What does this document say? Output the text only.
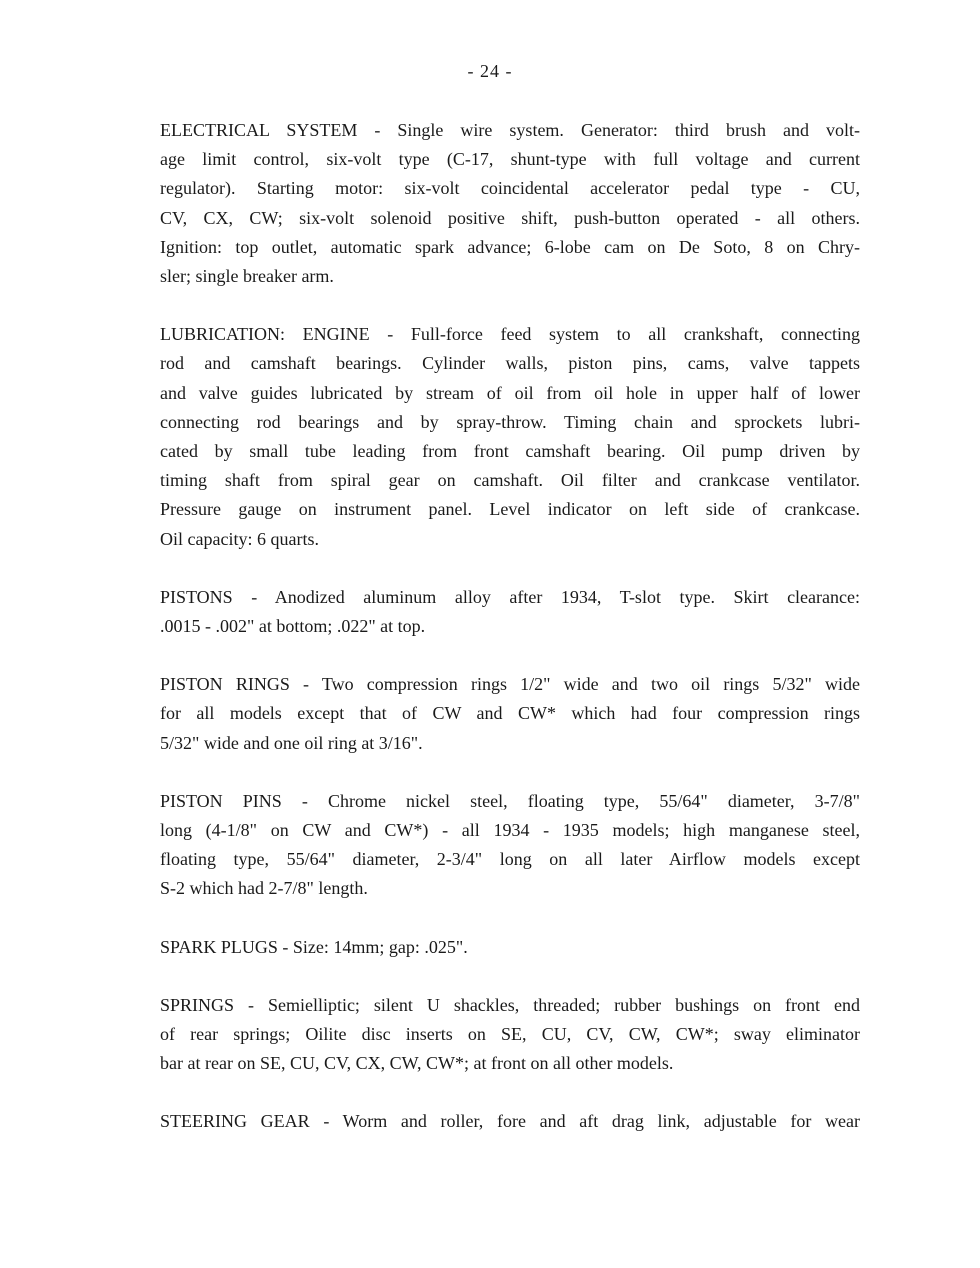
- 24 -

ELECTRICAL SYSTEM - Single wire system. Generator: third brush and volt-
age limit control, six-volt type (C-17, shunt-type with full voltage and current
regulator). Starting motor: six-volt coincidental accelerator pedal type - CU,
CV, CX, CW; six-volt solenoid positive shift, push-button operated - all others.
Ignition: top outlet, automatic spark advance; 6-lobe cam on De Soto, 8 on Chry-
sler; single breaker arm.

LUBRICATION: ENGINE - Full-force feed system to all crankshaft, connecting
rod and camshaft bearings. Cylinder walls, piston pins, cams, valve tappets
and valve guides lubricated by stream of oil from oil hole in upper half of lower
connecting rod bearings and by spray-throw. Timing chain and sprockets lubri-
cated by small tube leading from front camshaft bearing. Oil pump driven by
timing shaft from spiral gear on camshaft. Oil filter and crankcase ventilator.
Pressure gauge on instrument panel. Level indicator on left side of crankcase.
Oil capacity: 6 quarts.

PISTONS - Anodized aluminum alloy after 1934, T-slot type. Skirt clearance:
.0015 - .002" at bottom; .022" at top.

PISTON RINGS - Two compression rings 1/2" wide and two oil rings 5/32" wide
for all models except that of CW and CW* which had four compression rings
5/32" wide and one oil ring at 3/16".

PISTON PINS - Chrome nickel steel, floating type, 55/64" diameter, 3-7/8"
long (4-1/8" on CW and CW*) - all 1934 - 1935 models; high manganese steel,
floating type, 55/64" diameter, 2-3/4" long on all later Airflow models except
S-2 which had 2-7/8" length.

SPARK PLUGS - Size: 14mm; gap: .025".

SPRINGS - Semielliptic; silent U shackles, threaded; rubber bushings on front end
of rear springs; Oilite disc inserts on SE, CU, CV, CW, CW*; sway eliminator
bar at rear on SE, CU, CV, CX, CW, CW*; at front on all other models.

STEERING GEAR - Worm and roller, fore and aft drag link, adjustable for wear
